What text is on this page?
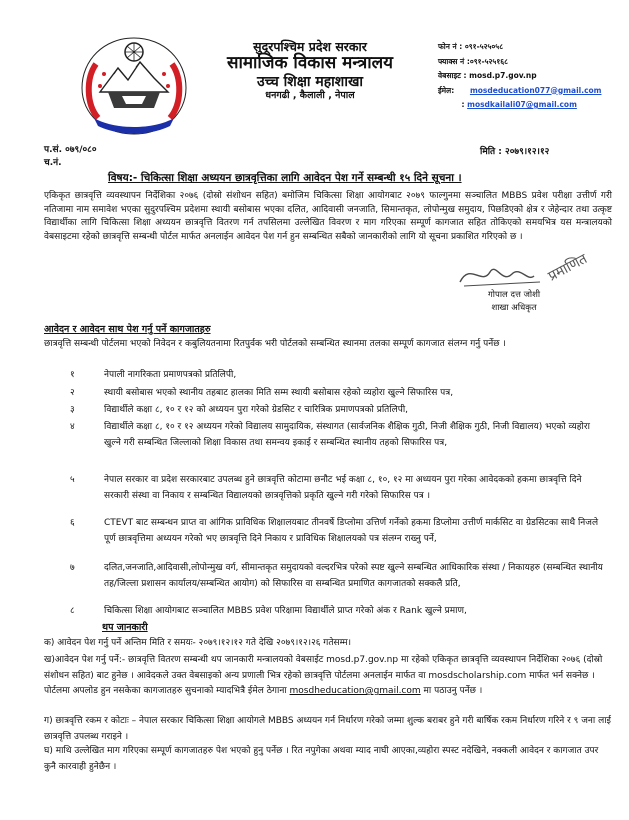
सुदूरपश्चिम प्रदेश सरकार
सामाजिक विकास मन्त्रालय
उच्च शिक्षा महाशाखा
धनगढी , कैलाली , नेपाल
फोन नं : ०९१-५२५०५८
फ्याक्स नं :०९१-५२५१६८
वेबसाइट : mosd.p7.gov.np
ईमेल: mosdeducation077@gmail.com
: mosdkailali07@gmail.com
प.सं. ०७९/०८०
च.नं.
मिति : २०७९।१२।१२
विषय:- चिकित्सा शिक्षा अध्ययन छात्रवृत्तिका लागि आवेदन पेश गर्ने सम्बन्धी १५ दिने सूचना ।
एकिकृत छात्रवृत्ति व्यवस्थापन निर्देशिका २०७६ (दोस्रो संशोधन सहित) बमोजिम चिकित्सा शिक्षा आयोगबाट २०७९ फाल्गुनमा सञ्चालित MBBS प्रवेश परीक्षा उत्तीर्ण गरी नतिजामा नाम समावेश भएका सुदुरपश्चिम प्रदेशमा स्थायी बसोबास भएका दलित, आदिवासी जनजाति, सिमान्तकृत, लोपोन्मुख समुदाय, पिछडिएको क्षेत्र र जेहेन्दार तथा उत्कृष्ट विद्यार्थीका लागि चिकित्सा शिक्षा अध्ययन छात्रवृत्ति वितरण गर्न तपसिलमा उल्लेखित विवरण र माग गरिएका सम्पूर्ण कागजात सहित तोकिएको समयभित्र यस मन्त्रालयको वेबसाइटमा रहेको छात्रवृत्ति सम्बन्धी पोर्टल मार्फत अनलाईन आवेदन पेश गर्न हुन सम्बन्धित सबैको जानकारीको लागि यो सूचना प्रकाशित गरिएको छ ।
प्रमाणित
गोपाल दत्त जोशी
शाखा अधिकृत
आवेदन र आवेदन साथ पेश गर्नु पर्ने कागजातहरु
छात्रवृत्ति सम्बन्धी पोर्टलमा भएको निवेदन र कबुलियतनामा रितपुर्वक भरी पोर्टलको सम्बन्धित स्थानमा तलका सम्पूर्ण कागजात संलग्न गर्नु पर्नेछ ।
१	नेपाली नागरिकता प्रमाणपत्रको प्रतिलिपी,
२	स्थायी बसोबास भएको स्थानीय तहबाट हालका मिति सम्म स्थायी बसोबास रहेको व्यहोरा खुल्ने सिफारिस पत्र,
३	विद्यार्थीले कक्षा ८, १० र १२ को अध्ययन पुरा गरेको ग्रेडसिट र चारित्रिक प्रमाणपत्रको प्रतिलिपी,
४	विद्यार्थीले कक्षा ८, १० र १२ अध्ययन गरेको विद्यालय सामुदायिक, संस्थागत (सार्वजनिक शैक्षिक गुठी, निजी शैक्षिक गुठी, निजी विद्यालय) भएको व्यहोरा खुल्ने गरी सम्बन्धित जिल्लाको शिक्षा विकास तथा समन्वय इकाई र सम्बन्धित स्थानीय तहको सिफारिस पत्र,
५	नेपाल सरकार वा प्रदेश सरकारबाट उपलब्ध हुने छात्रवृत्ति कोटामा छनौट भई कक्षा ८, १०, १२ मा अध्ययन पुरा गरेका आवेदकको हकमा छात्रवृत्ति दिने सरकारी संस्था वा निकाय र सम्बन्धित विद्यालयको छात्रवृत्तिको प्रकृति खुल्ने गरी गरेको सिफारिस पत्र ।
६	CTEVT बाट सम्बन्धन प्राप्त वा आंगिक प्राविधिक शिक्षालयबाट तीनवर्षे डिप्लोमा उत्तिर्ण गर्नेको हकमा डिप्लोमा उत्तीर्ण मार्कसिट वा ग्रेडसिटका साथै निजले पूर्ण छात्रवृत्तिमा अध्ययन गरेको भए छात्रवृत्ति दिने निकाय र प्राविधिक शिक्षालयको पत्र संलग्न राख्नु पर्ने,
७	दलित,जनजाति,आदिवासी,लोपोन्मुख वर्ग, सीमान्तकृत समुदायको वल्दरभित्र परेको स्पष्ट खुल्ने सम्बन्धित आधिकारिक संस्था / निकायहरु (सम्बन्धित स्थानीय तह/जिल्ला प्रशासन कार्यालय/सम्बन्धित आयोग) को सिफारिस वा सम्बन्धित प्रमाणित कागजातको सक्कलै प्रति,
८	चिकित्सा शिक्षा आयोगबाट सञ्चालित MBBS प्रवेश परिक्षामा विद्यार्थीले प्राप्त गरेको अंक र Rank खुल्ने प्रमाण,
थप जानकारी
क) आवेदन पेश गर्नु पर्ने अन्तिम मिति र समयः- २०७९।१२।१२ गते देखि २०७९।१२।२६ गतेसम्म।
ख)आवेदन पेश गर्नु पर्ने:- छात्रवृत्ति वितरण सम्बन्धी थप जानकारी मन्त्रालयको वेबसाईट mosd.p7.gov.np मा रहेको एकिकृत छात्रवृत्ति व्यवस्थापन निर्देशिका २०७६ (दोस्रो संशोधन सहित) बाट हुनेछ । आवेदकले उक्त वेबसाइको अन्य प्रणाली भित्र रहेको छात्रवृत्ति पोर्टलमा अनलाईन मार्फत वा mosdscholarship.com मार्फत भर्न सक्नेछ । पोर्टलमा अपलोड हुन नसकेका कागजातहरु सुचनाको म्यादभित्रै ईमेल ठेगाना mosdheducation@gmail.com मा पठाउनु पर्नेछ ।
ग) छात्रवृत्ति रकम र कोटाः – नेपाल सरकार चिकित्सा शिक्षा आयोगले MBBS अध्ययन गर्न निर्धारण गरेको जम्मा शुल्क बराबर हुने गरी बार्षिक रकम निर्धारण गरिने र ९ जना लाई छात्रवृत्ति उपलब्ध गराइने ।
घ) माथि उल्लेखित माग गरिएका सम्पूर्ण कागजातहरु पेश भएको हुनु पर्नेछ । रित नपुगेका अथवा म्याद नाघी आएका,व्यहोरा स्पस्ट नदेखिने, नक्कली आवेदन र कागजात उपर कुनै कारवाही हुनेछैन ।
